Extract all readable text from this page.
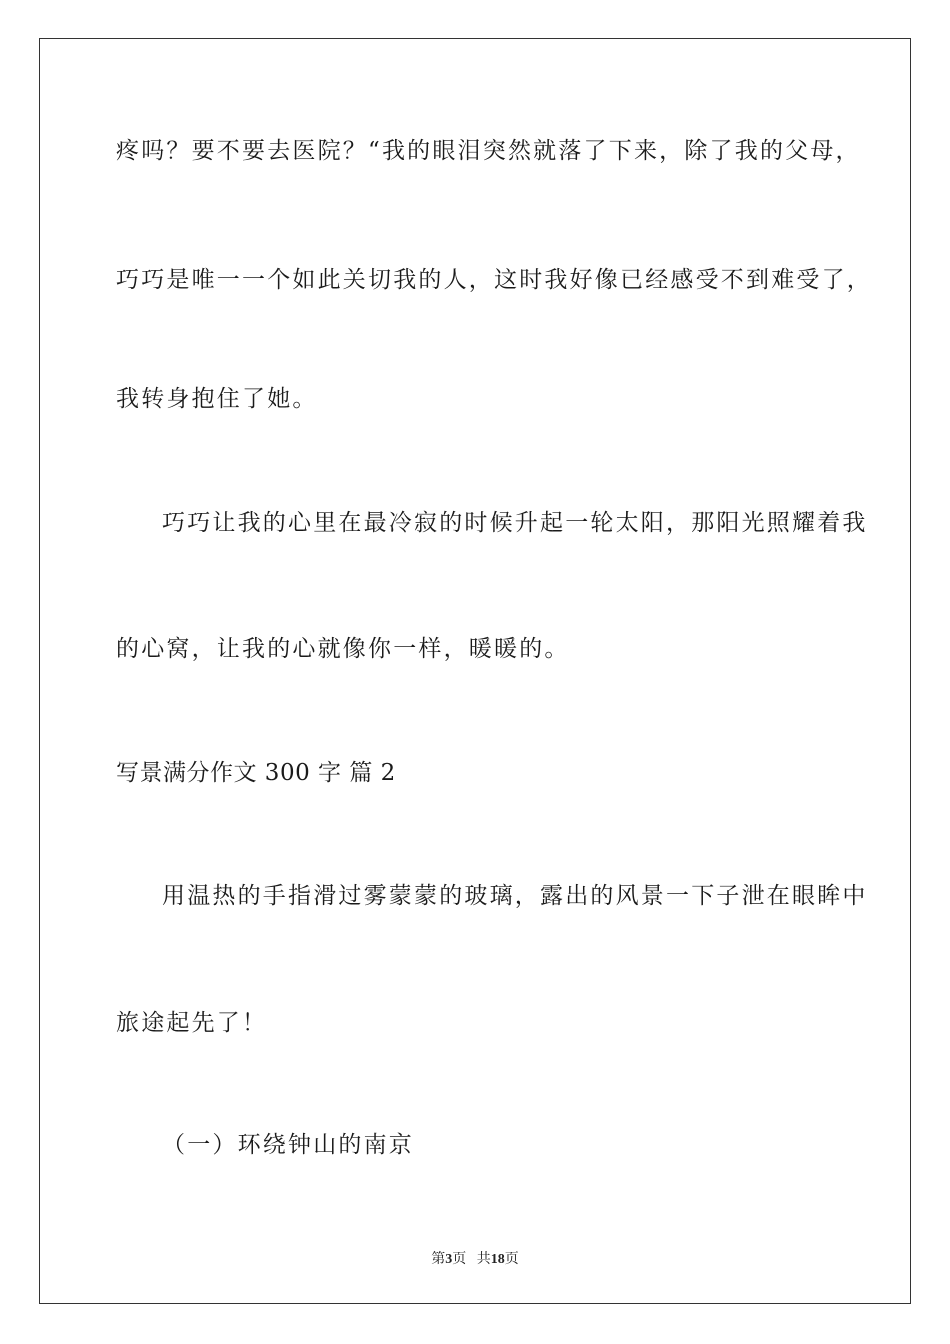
疼吗？要不要去医院？“我的眼泪突然就落了下来，除了我的父母，
巧巧是唯一一个如此关切我的人，这时我好像已经感受不到难受了，
我转身抱住了她。
巧巧让我的心里在最冷寂的时候升起一轮太阳，那阳光照耀着我
的心窝，让我的心就像你一样，暖暖的。
写景满分作文 300 字 篇 2
用温热的手指滑过雾蒙蒙的玻璃，露出的风景一下子泄在眼眸中
旅途起先了！
（一）环绕钟山的南京
第3页 共18页
